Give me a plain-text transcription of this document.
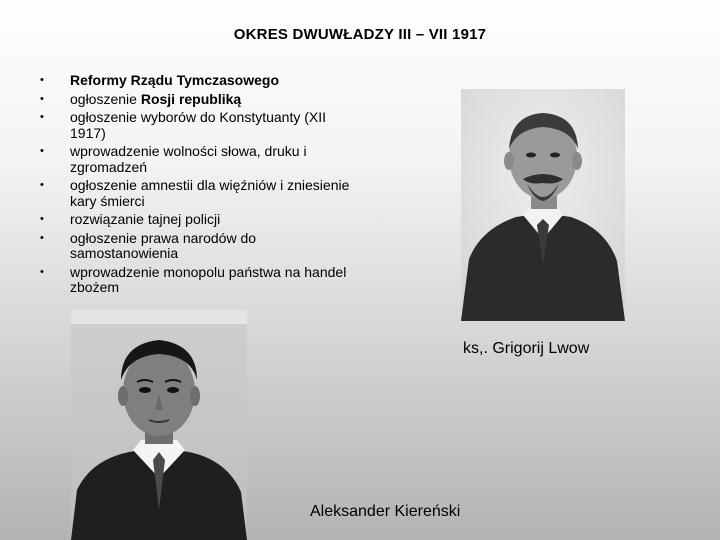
OKRES DWUWŁADZY III – VII 1917
• Reformy Rządu Tymczasowego
• ogłoszenie Rosji republiką
• ogłoszenie wyborów do Konstytuanty (XII 1917)
• wprowadzenie wolności słowa, druku i zgromadzeń
• ogłoszenie amnestii dla więźniów i zniesienie kary śmierci
• rozwiązanie tajnej policji
• ogłoszenie prawa narodów do samostanowienia
• wprowadzenie monopolu państwa na handel zbożem
ks,. Grigorij Lwow
Aleksander Kiereński
